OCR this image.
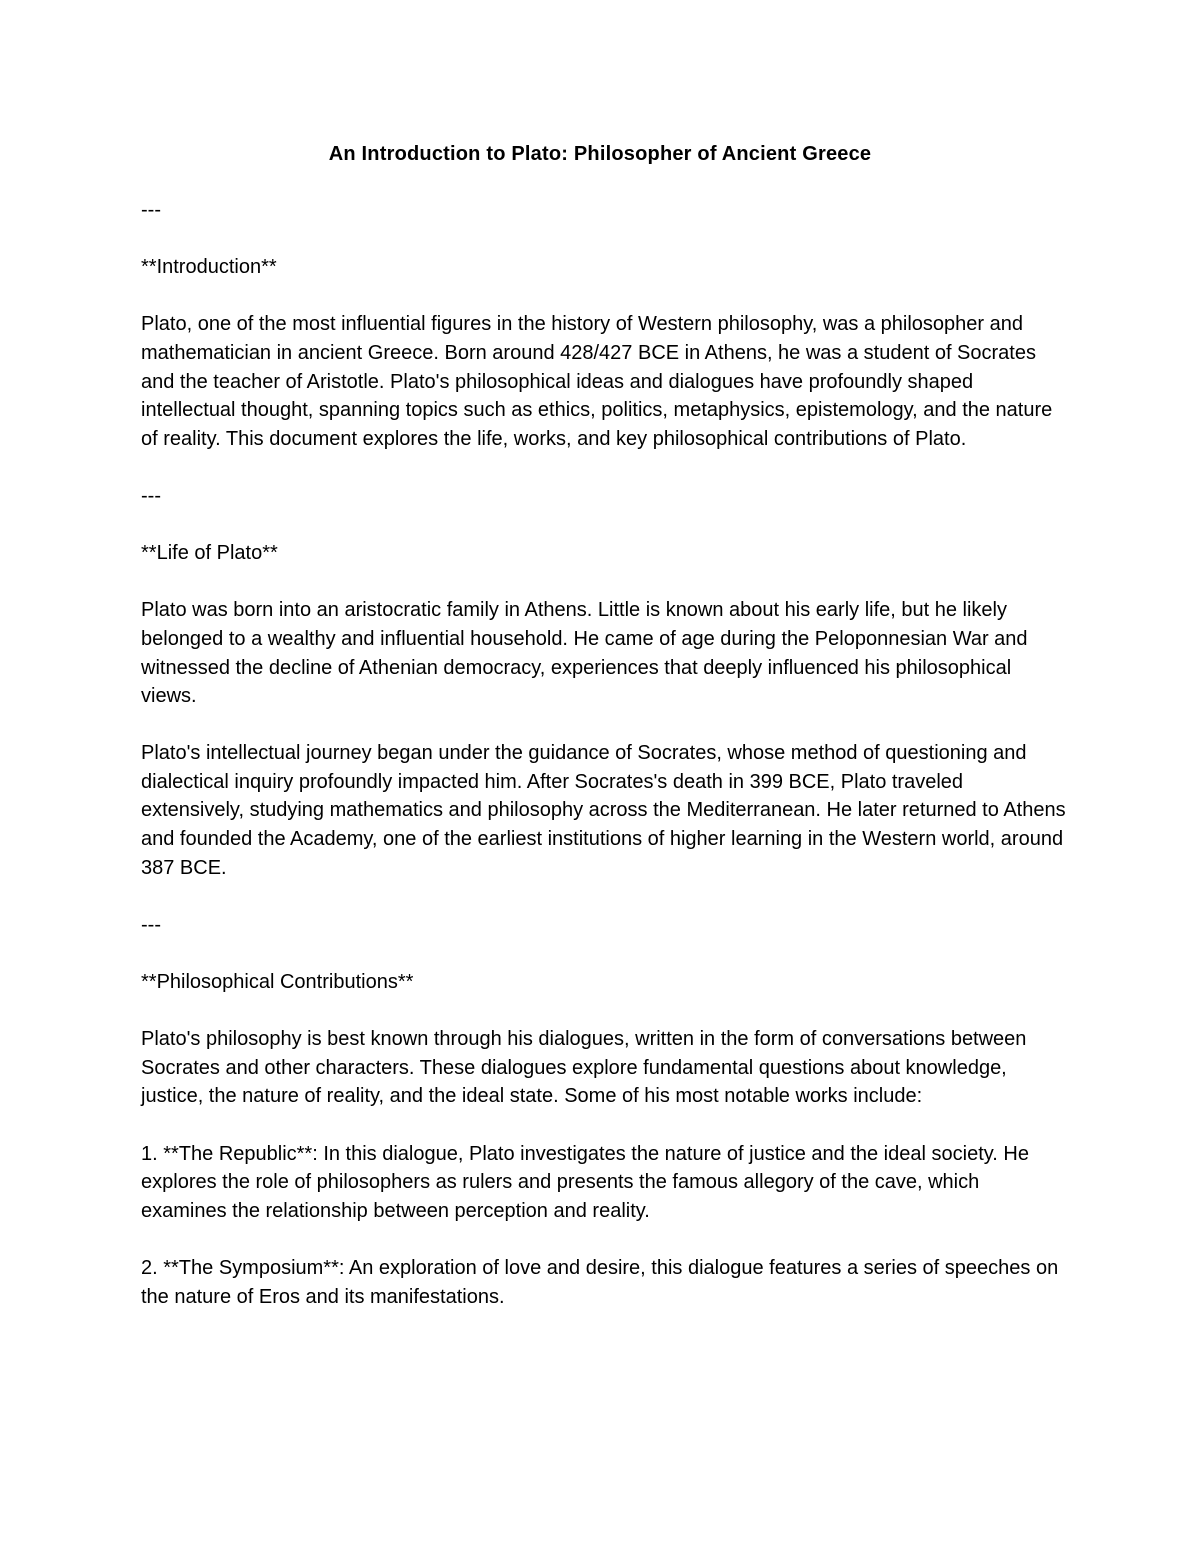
An Introduction to Plato: Philosopher of Ancient Greece

---

**Introduction**

Plato, one of the most influential figures in the history of Western philosophy, was a philosopher and mathematician in ancient Greece. Born around 428/427 BCE in Athens, he was a student of Socrates and the teacher of Aristotle. Plato's philosophical ideas and dialogues have profoundly shaped intellectual thought, spanning topics such as ethics, politics, metaphysics, epistemology, and the nature of reality. This document explores the life, works, and key philosophical contributions of Plato.

---

**Life of Plato**

Plato was born into an aristocratic family in Athens. Little is known about his early life, but he likely belonged to a wealthy and influential household. He came of age during the Peloponnesian War and witnessed the decline of Athenian democracy, experiences that deeply influenced his philosophical views.

Plato's intellectual journey began under the guidance of Socrates, whose method of questioning and dialectical inquiry profoundly impacted him. After Socrates's death in 399 BCE, Plato traveled extensively, studying mathematics and philosophy across the Mediterranean. He later returned to Athens and founded the Academy, one of the earliest institutions of higher learning in the Western world, around 387 BCE.

---

**Philosophical Contributions**

Plato's philosophy is best known through his dialogues, written in the form of conversations between Socrates and other characters. These dialogues explore fundamental questions about knowledge, justice, the nature of reality, and the ideal state. Some of his most notable works include:

1. **The Republic**: In this dialogue, Plato investigates the nature of justice and the ideal society. He explores the role of philosophers as rulers and presents the famous allegory of the cave, which examines the relationship between perception and reality.

2. **The Symposium**: An exploration of love and desire, this dialogue features a series of speeches on the nature of Eros and its manifestations.
